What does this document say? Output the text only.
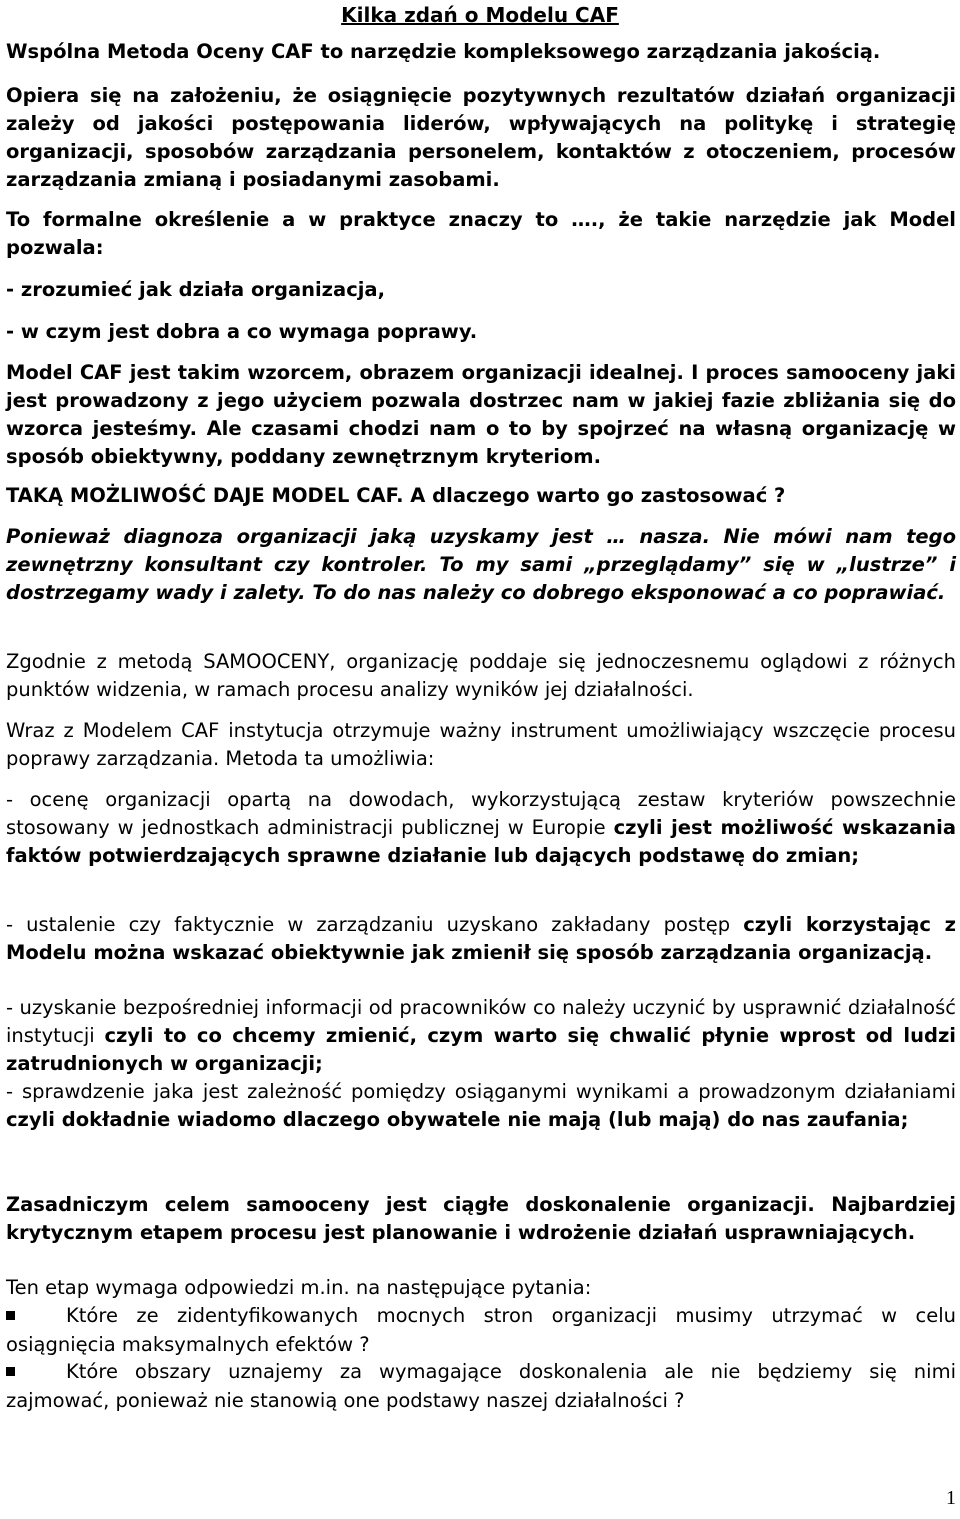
Kilka zdań o Modelu CAF
Wspólna Metoda Oceny CAF to narzędzie kompleksowego zarządzania jakością.
Opiera się na założeniu, że osiągnięcie pozytywnych rezultatów działań organizacji zależy od jakości postępowania liderów, wpływających na politykę i strategię organizacji, sposobów zarządzania personelem, kontaktów z otoczeniem, procesów zarządzania zmianą i posiadanymi zasobami.
To formalne określenie a w praktyce znaczy to …., że takie narzędzie jak Model pozwala:
- zrozumieć jak działa organizacja,
- w czym jest dobra a co wymaga poprawy.
Model CAF jest takim wzorcem, obrazem organizacji idealnej. I proces samooceny jaki jest prowadzony z jego użyciem pozwala dostrzec nam w jakiej fazie zbliżania się do wzorca jesteśmy. Ale czasami chodzi nam o to by spojrzeć na własną organizację w sposób obiektywny, poddany zewnętrznym kryteriom.
TAKĄ MOŻLIWOŚĆ DAJE MODEL CAF. A dlaczego warto go zastosować ?
Ponieważ diagnoza organizacji jaką uzyskamy jest … nasza. Nie mówi nam tego zewnętrzny konsultant czy kontroler. To my sami „przeglądamy” się w „lustrze” i dostrzegamy wady i zalety. To do nas należy co dobrego eksponować a co poprawiać.
Zgodnie z metodą SAMOOCENY, organizację poddaje się jednoczesnemu oglądowi z różnych punktów widzenia, w ramach procesu analizy wyników jej działalności.
Wraz z Modelem CAF instytucja otrzymuje ważny instrument umożliwiający wszczęcie procesu poprawy zarządzania. Metoda ta umożliwia:
- ocenę organizacji opartą na dowodach, wykorzystującą zestaw kryteriów powszechnie stosowany w jednostkach administracji publicznej w Europie czyli jest możliwość wskazania faktów potwierdzających sprawne działanie lub dających podstawę do zmian;
- ustalenie czy faktycznie w zarządzaniu uzyskano zakładany postęp czyli korzystając z Modelu można wskazać obiektywnie jak zmienił się sposób zarządzania organizacją.
- uzyskanie bezpośredniej informacji od pracowników co należy uczynić by usprawnić działalność instytucji czyli to co chcemy zmienić, czym warto się chwalić płynie wprost od ludzi zatrudnionych w organizacji;
- sprawdzenie jaka jest zależność pomiędzy osiąganymi wynikami a prowadzonym działaniami czyli dokładnie wiadomo dlaczego obywatele nie mają (lub mają) do nas zaufania;
Zasadniczym celem samooceny jest ciągłe doskonalenie organizacji. Najbardziej krytycznym etapem procesu jest planowanie i wdrożenie działań usprawniających.
Ten etap wymaga odpowiedzi m.in. na następujące pytania:
Które ze zidentyfikowanych mocnych stron organizacji musimy utrzymać w celu osiągnięcia maksymalnych efektów ?
Które obszary uznajemy za wymagające doskonalenia ale nie będziemy się nimi zajmować, ponieważ nie stanowią one podstawy naszej działalności ?
1
